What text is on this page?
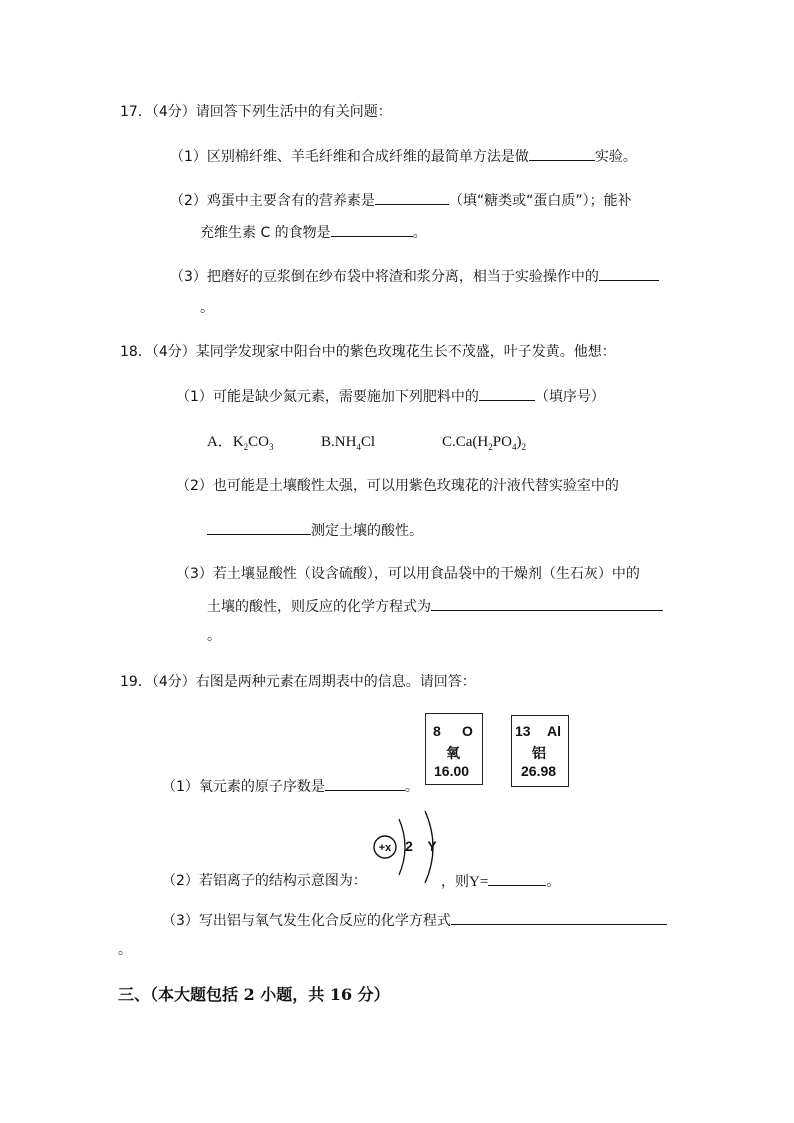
17．（4分）请回答下列生活中的有关问题：
（1）区别棉纤维、羊毛纤维和合成纤维的最简单方法是做	实验。
（2）鸡蛋中主要含有的营养素是	（填“糖类或“蛋白质”）；能补
充维生素 C 的食物是	。
（3）把磨好的豆浆倒在纱布袋中将渣和浆分离，相当于实验操作中的
。
18．（4分）某同学发现家中阳台中的紫色玫瑰花生长不茂盛，叶子发黄。他想：
（1）可能是缺少氮元素，需要施加下列肥料中的	（填序号）
A．$K_2CO_3$	$B.NH_4Cl$	$C.Ca(H_2PO_4)_2$
（2）也可能是土壤酸性太强，可以用紫色玫瑰花的汁液代替实验室中的
测定土壤的酸性。
（3）若土壤显酸性（设含硫酸），可以用食品袋中的干燥剂（生石灰）中的
土壤的酸性，则反应的化学方程式为
。
19．（4分）右图是两种元素在周期表中的信息。请回答：
8 O
氧
16.00
13 Al
铝
26.98
（1）氧元素的原子序数是	。
+x 2 Y
（2）若铝离子的结构示意图为：	，则Y=	。
（3）写出铝与氧气发生化合反应的化学方程式
。
三、（本大题包括 2 小题，共 16 分）
